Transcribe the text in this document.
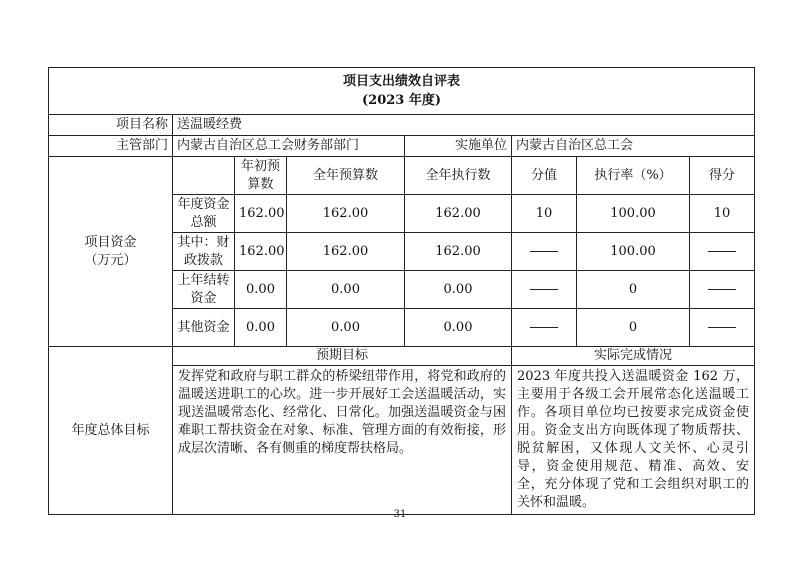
项目支出绩效自评表
(2023 年度)							

项目名称	送温暖经费						
主管部门	内蒙古自治区总工会财务部部门			实施单位	内蒙古自治区总工会		
项目资金
（万元）		年初预算数	全年预算数	全年执行数	分值	执行率（%）	得分
	年度资金总额	162.00	162.00	162.00	10	100.00	10
	其中：财政拨款	162.00	162.00	162.00		100.00	
	上年结转资金	0.00	0.00	0.00		0	
	其他资金	0.00	0.00	0.00		0	
年度总体目标	预期目标				实际完成情况		
	发挥党和政府与职工群众的桥梁纽带作用，将党和政府的温暖送进职工的心坎。进一步开展好工会送温暖活动，实现送温暖常态化、经常化、日常化。加强送温暖资金与困难职工帮扶资金在对象、标准、管理方面的有效衔接，形成层次清晰、各有侧重的梯度帮扶格局。				2023 年度共投入送温暖资金 162 万，主要用于各级工会开展常态化送温暖工作。各项目单位均已按要求完成资金使用。资金支出方向既体现了物质帮扶、脱贫解困，又体现人文关怀、心灵引导，资金使用规范、精准、高效、安全，充分体现了党和工会组织对职工的关怀和温暖。		
31
